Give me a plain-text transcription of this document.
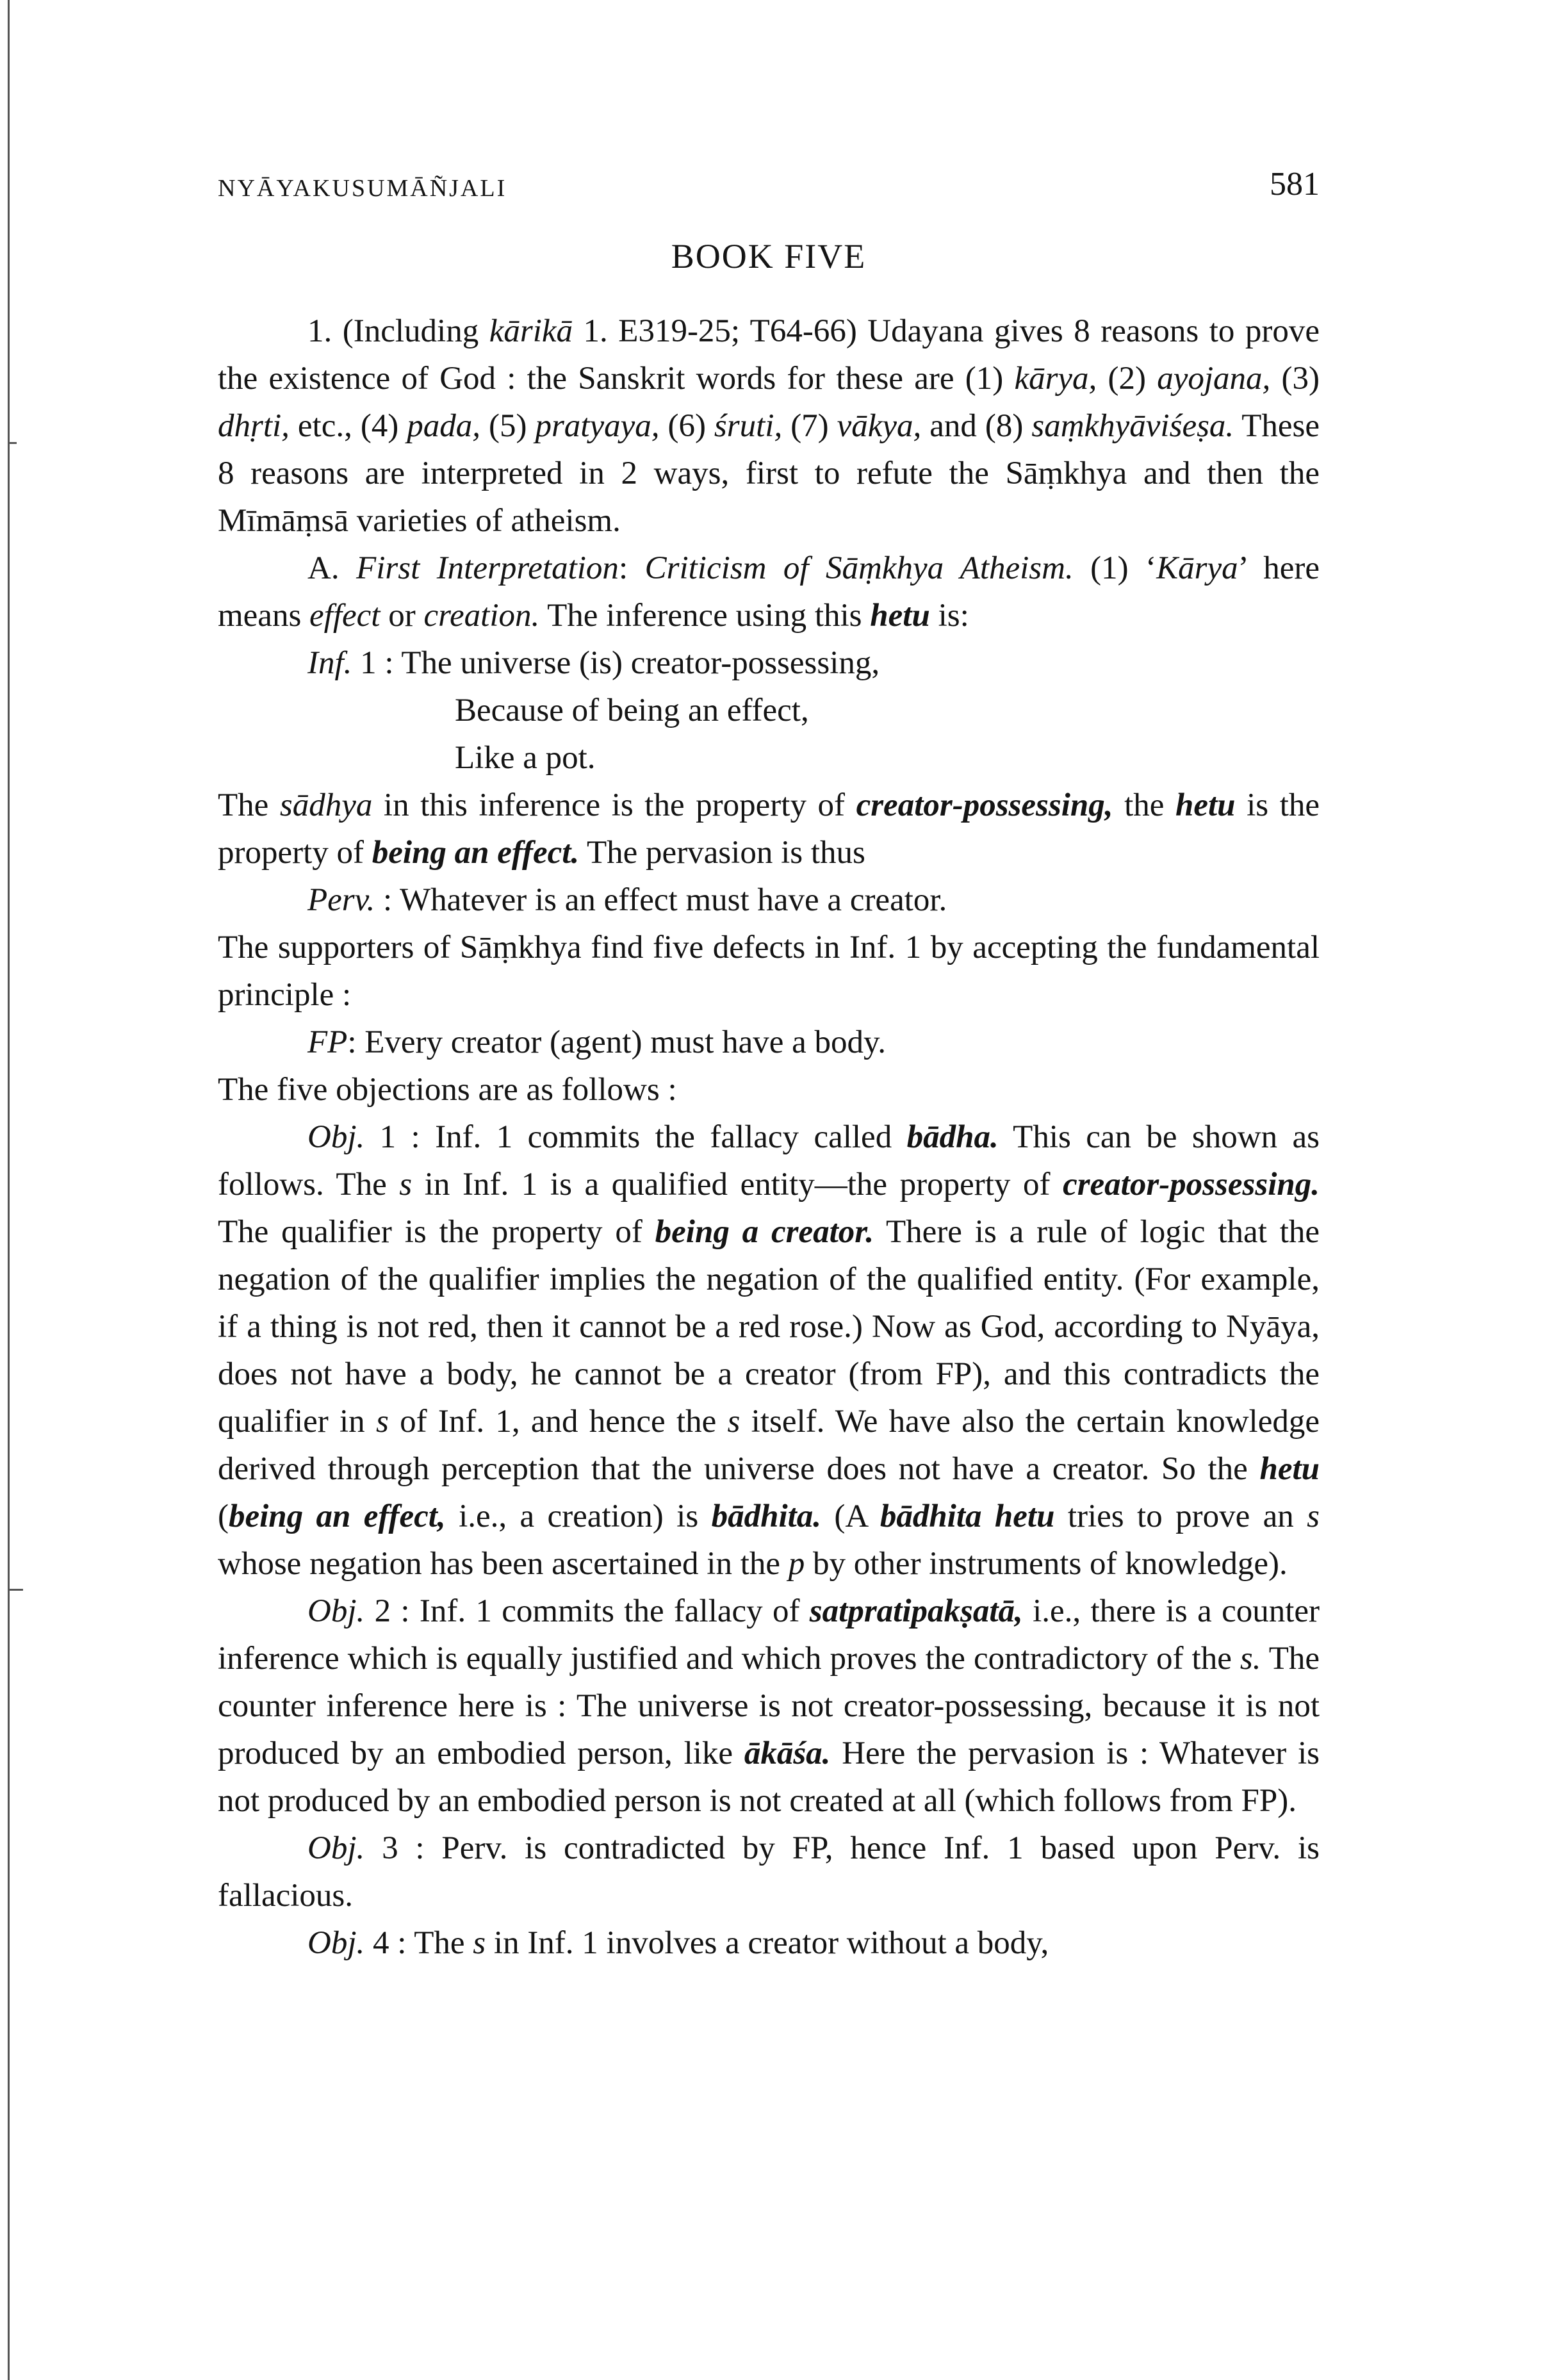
NYĀYAKUSUMĀÑJALI	581
BOOK FIVE

1. (Including kārikā 1. E319-25; T64-66) Udayana gives 8 reasons to prove the existence of God : the Sanskrit words for these are (1) kārya, (2) ayojana, (3) dhṛti, etc., (4) pada, (5) pratyaya, (6) śruti, (7) vākya, and (8) saṃkhyāviśeṣa. These 8 reasons are interpreted in 2 ways, first to refute the Sāṃkhya and then the Mīmāṃsā varieties of atheism.

A. First Interpretation: Criticism of Sāṃkhya Atheism. (1) ‘Kārya’ here means effect or creation. The inference using this hetu is:

Inf. 1 : The universe (is) creator-possessing,

Because of being an effect,

Like a pot.

The sādhya in this inference is the property of creator-possessing, the hetu is the property of being an effect. The pervasion is thus

Perv. : Whatever is an effect must have a creator.

The supporters of Sāṃkhya find five defects in Inf. 1 by accepting the fundamental principle :

FP: Every creator (agent) must have a body.

The five objections are as follows :

Obj. 1 : Inf. 1 commits the fallacy called bādha. This can be shown as follows. The s in Inf. 1 is a qualified entity—the property of creator-possessing. The qualifier is the property of being a creator. There is a rule of logic that the negation of the qualifier implies the negation of the qualified entity. (For example, if a thing is not red, then it cannot be a red rose.) Now as God, according to Nyāya, does not have a body, he cannot be a creator (from FP), and this contradicts the qualifier in s of Inf. 1, and hence the s itself. We have also the certain knowledge derived through perception that the universe does not have a creator. So the hetu (being an effect, i.e., a creation) is bādhita. (A bādhita hetu tries to prove an s whose negation has been ascertained in the p by other instruments of knowledge).

Obj. 2 : Inf. 1 commits the fallacy of satpratipakṣatā, i.e., there is a counter inference which is equally justified and which proves the contradictory of the s. The counter inference here is : The universe is not creator-possessing, because it is not produced by an embodied person, like ākāśa. Here the pervasion is : Whatever is not produced by an embodied person is not created at all (which follows from FP).

Obj. 3 : Perv. is contradicted by FP, hence Inf. 1 based upon Perv. is fallacious.

Obj. 4 : The s in Inf. 1 involves a creator without a body,
